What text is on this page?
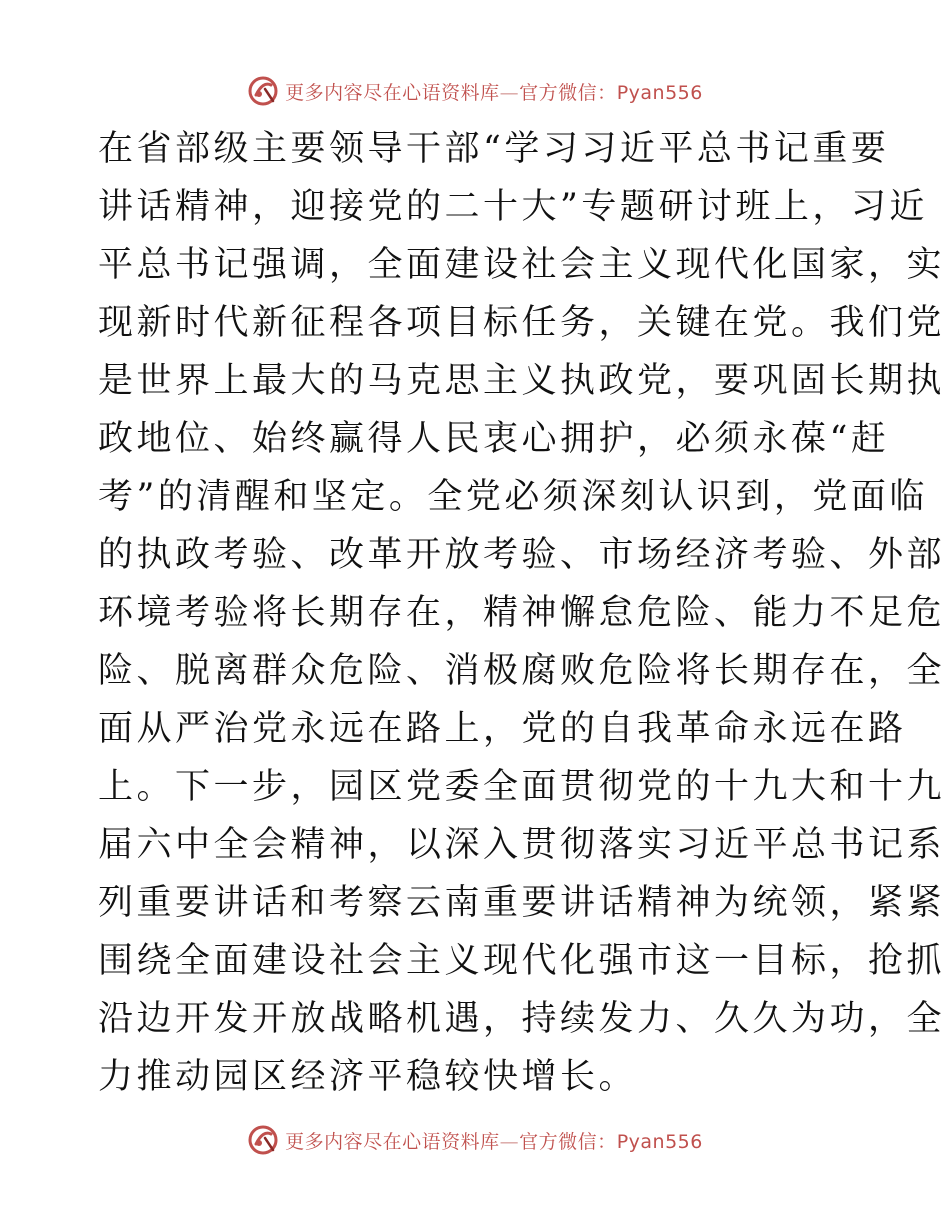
更多内容尽在心语资料库—官方微信：Pyan556
在省部级主要领导干部“学习习近平总书记重要
讲话精神，迎接党的二十大”专题研讨班上，习近
平总书记强调，全面建设社会主义现代化国家，实
现新时代新征程各项目标任务，关键在党。我们党
是世界上最大的马克思主义执政党，要巩固长期执
政地位、始终赢得人民衷心拥护，必须永葆“赶
考”的清醒和坚定。全党必须深刻认识到，党面临
的执政考验、改革开放考验、市场经济考验、外部
环境考验将长期存在，精神懈怠危险、能力不足危
险、脱离群众危险、消极腐败危险将长期存在，全
面从严治党永远在路上，党的自我革命永远在路
上。下一步，园区党委全面贯彻党的十九大和十九
届六中全会精神，以深入贯彻落实习近平总书记系
列重要讲话和考察云南重要讲话精神为统领，紧紧
围绕全面建设社会主义现代化强市这一目标，抢抓
沿边开发开放战略机遇，持续发力、久久为功，全
力推动园区经济平稳较快增长。
更多内容尽在心语资料库—官方微信：Pyan556
